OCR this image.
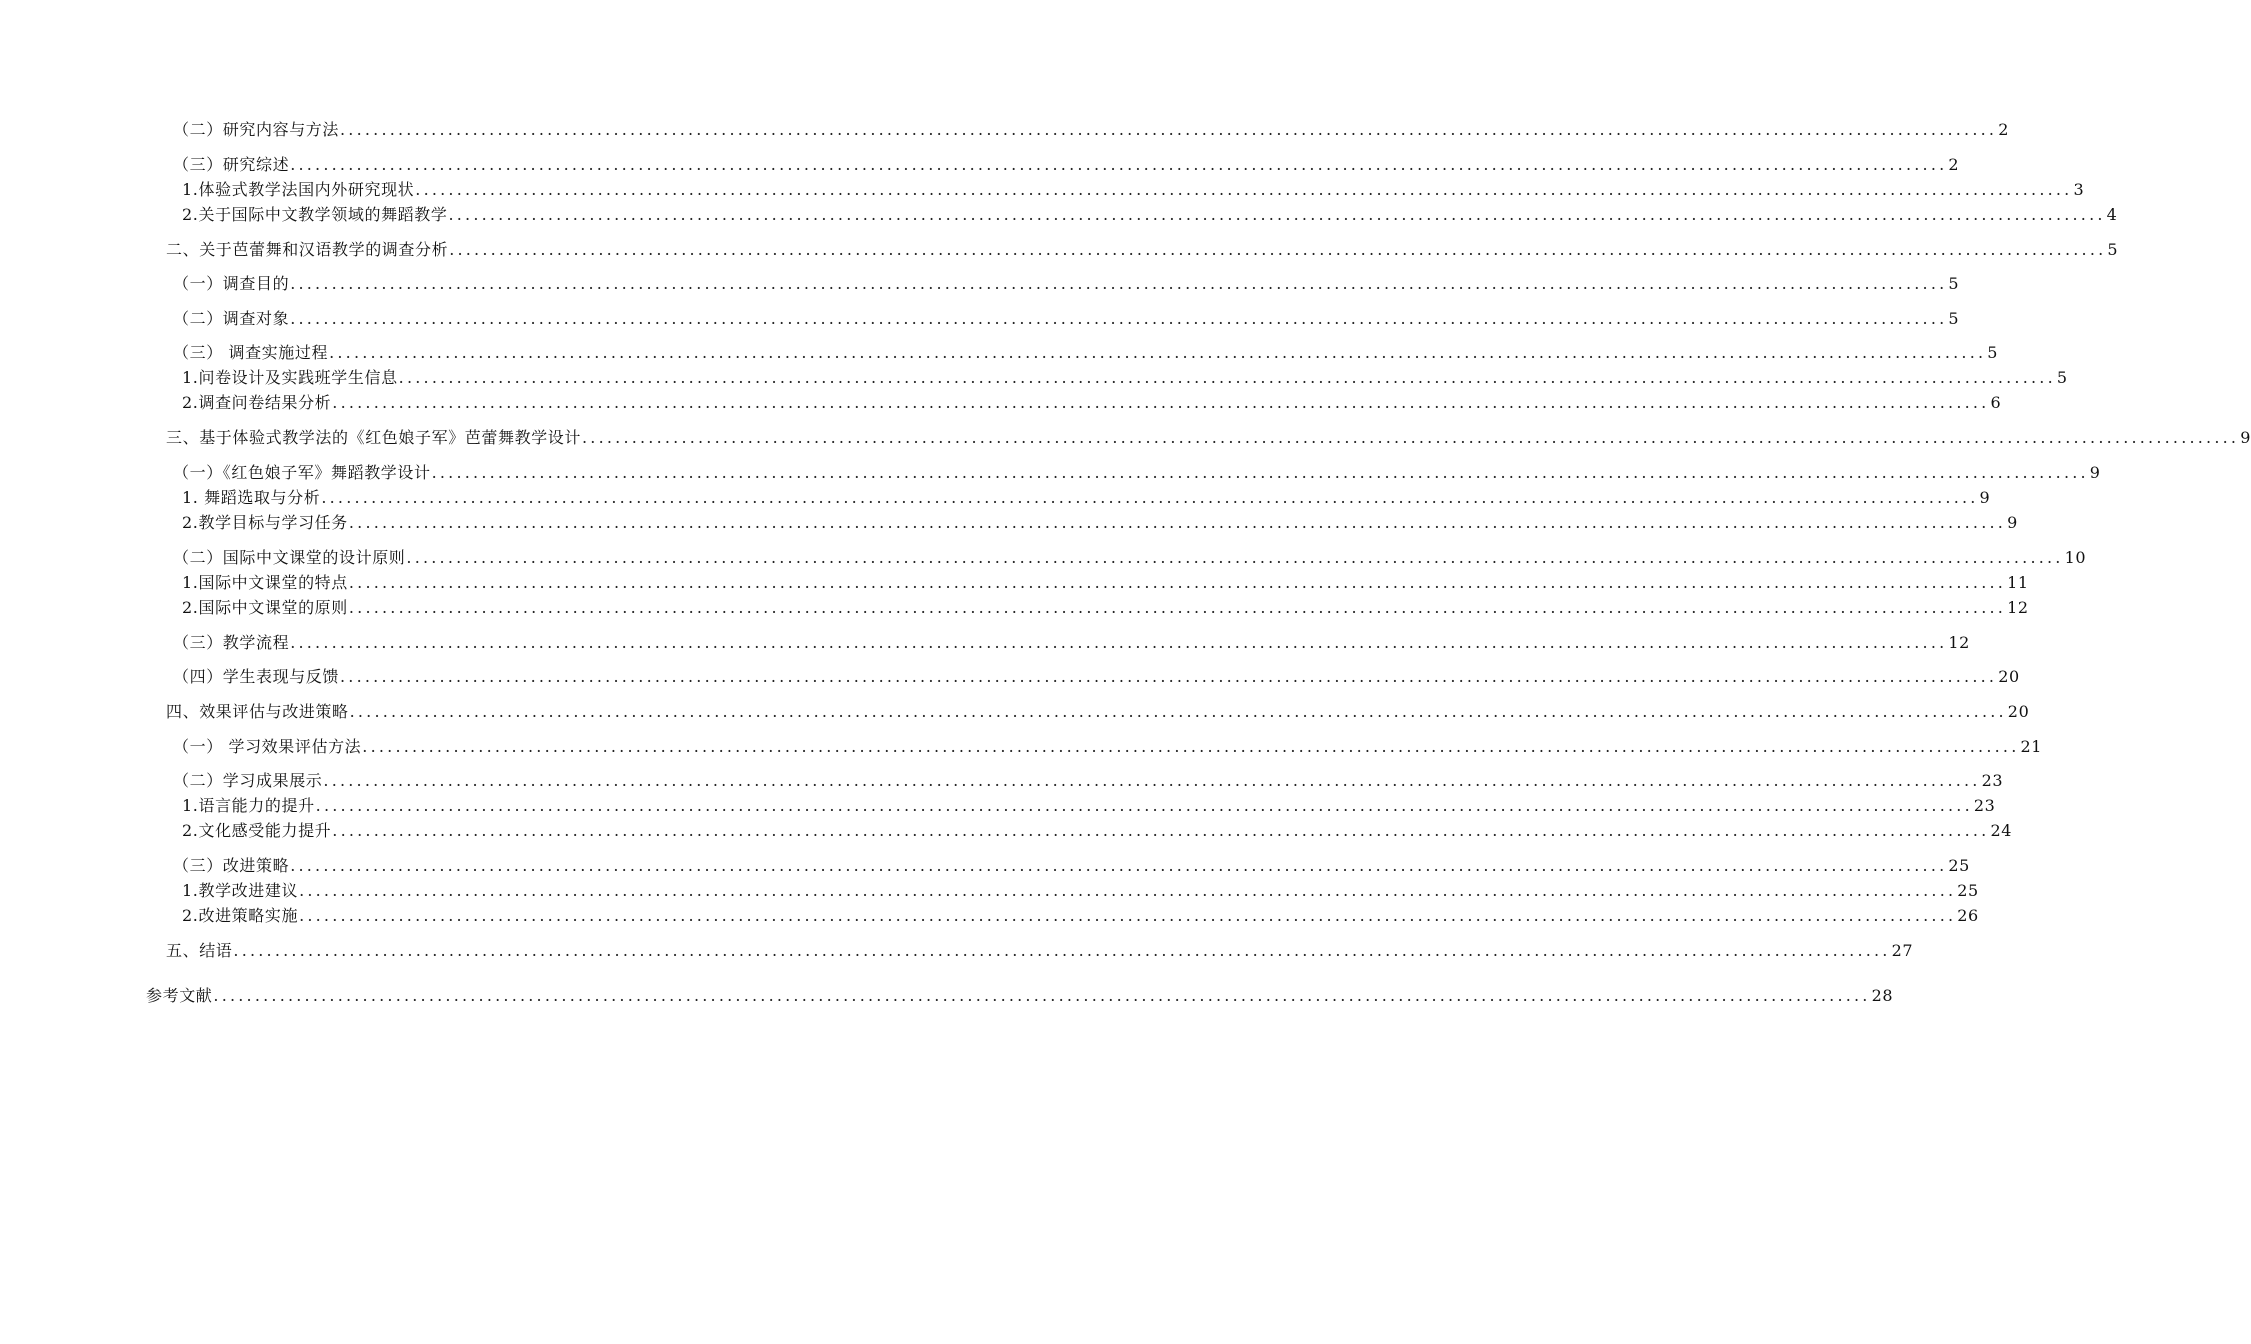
（二）研究内容与方法 ........................................................................................................................................................................................................ 2
（三）研究综述 ........................................................................................................................................................................................................ 2
1.体验式教学法国内外研究现状 ........................................................................................................................................................................................................ 3
2.关于国际中文教学领域的舞蹈教学 ........................................................................................................................................................................................................ 4
二、关于芭蕾舞和汉语教学的调查分析 ........................................................................................................................................................................................................ 5
（一）调查目的 ........................................................................................................................................................................................................ 5
（二）调查对象 ........................................................................................................................................................................................................ 5
（三） 调查实施过程 ........................................................................................................................................................................................................ 5
1.问卷设计及实践班学生信息 ........................................................................................................................................................................................................ 5
2.调查问卷结果分析 ........................................................................................................................................................................................................ 6
三、基于体验式教学法的《红色娘子军》芭蕾舞教学设计 ........................................................................................................................................................................................................ 9
（一）《红色娘子军》舞蹈教学设计 ........................................................................................................................................................................................................ 9
1. 舞蹈选取与分析 ........................................................................................................................................................................................................ 9
2.教学目标与学习任务 ........................................................................................................................................................................................................ 9
（二）国际中文课堂的设计原则 ........................................................................................................................................................................................................ 10
1.国际中文课堂的特点 ........................................................................................................................................................................................................ 11
2.国际中文课堂的原则 ........................................................................................................................................................................................................ 12
（三）教学流程 ........................................................................................................................................................................................................ 12
（四）学生表现与反馈 ........................................................................................................................................................................................................ 20
四、效果评估与改进策略 ........................................................................................................................................................................................................ 20
（一） 学习效果评估方法 ........................................................................................................................................................................................................ 21
（二）学习成果展示 ........................................................................................................................................................................................................ 23
1.语言能力的提升 ........................................................................................................................................................................................................ 23
2.文化感受能力提升 ........................................................................................................................................................................................................ 24
（三）改进策略 ........................................................................................................................................................................................................ 25
1.教学改进建议 ........................................................................................................................................................................................................ 25
2.改进策略实施 ........................................................................................................................................................................................................ 26
五、结语 ........................................................................................................................................................................................................ 27
参考文献 ........................................................................................................................................................................................................ 28
